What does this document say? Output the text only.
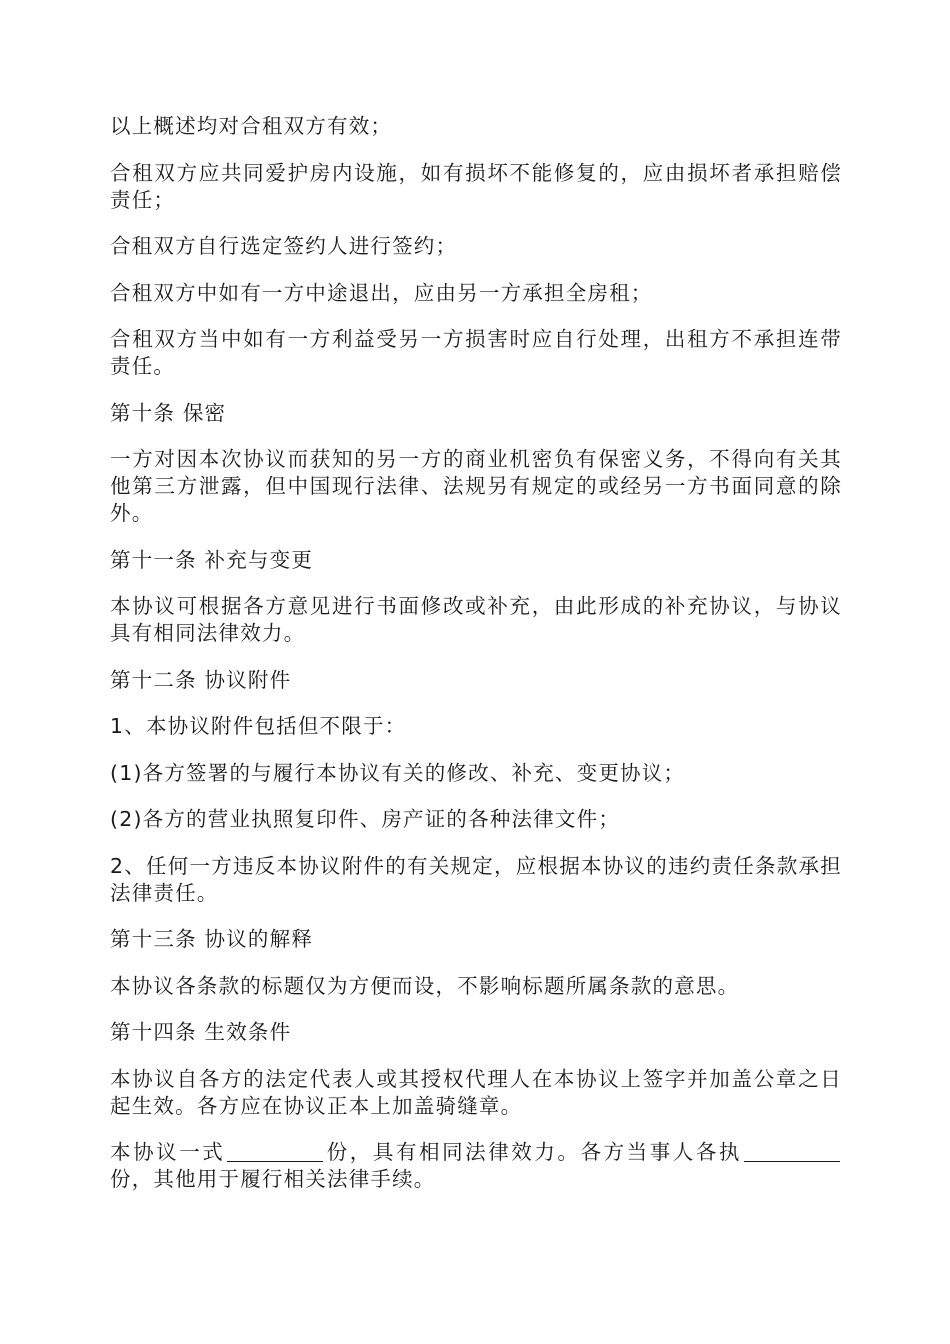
以上概述均对合租双方有效；

合租双方应共同爱护房内设施，如有损坏不能修复的，应由损坏者承担赔偿责任；

合租双方自行选定签约人进行签约；

合租双方中如有一方中途退出，应由另一方承担全房租；

合租双方当中如有一方利益受另一方损害时应自行处理，出租方不承担连带责任。

第十条 保密

一方对因本次协议而获知的另一方的商业机密负有保密义务，不得向有关其他第三方泄露，但中国现行法律、法规另有规定的或经另一方书面同意的除外。

第十一条 补充与变更

本协议可根据各方意见进行书面修改或补充，由此形成的补充协议，与协议具有相同法律效力。

第十二条 协议附件

1、本协议附件包括但不限于：

(1)各方签署的与履行本协议有关的修改、补充、变更协议；

(2)各方的营业执照复印件、房产证的各种法律文件；

2、任何一方违反本协议附件的有关规定，应根据本协议的违约责任条款承担法律责任。

第十三条 协议的解释

本协议各条款的标题仅为方便而设，不影响标题所属条款的意思。

第十四条 生效条件

本协议自各方的法定代表人或其授权代理人在本协议上签字并加盖公章之日起生效。各方应在协议正本上加盖骑缝章。

本协议一式	份，具有相同法律效力。各方当事人各执份，其他用于履行相关法律手续。
